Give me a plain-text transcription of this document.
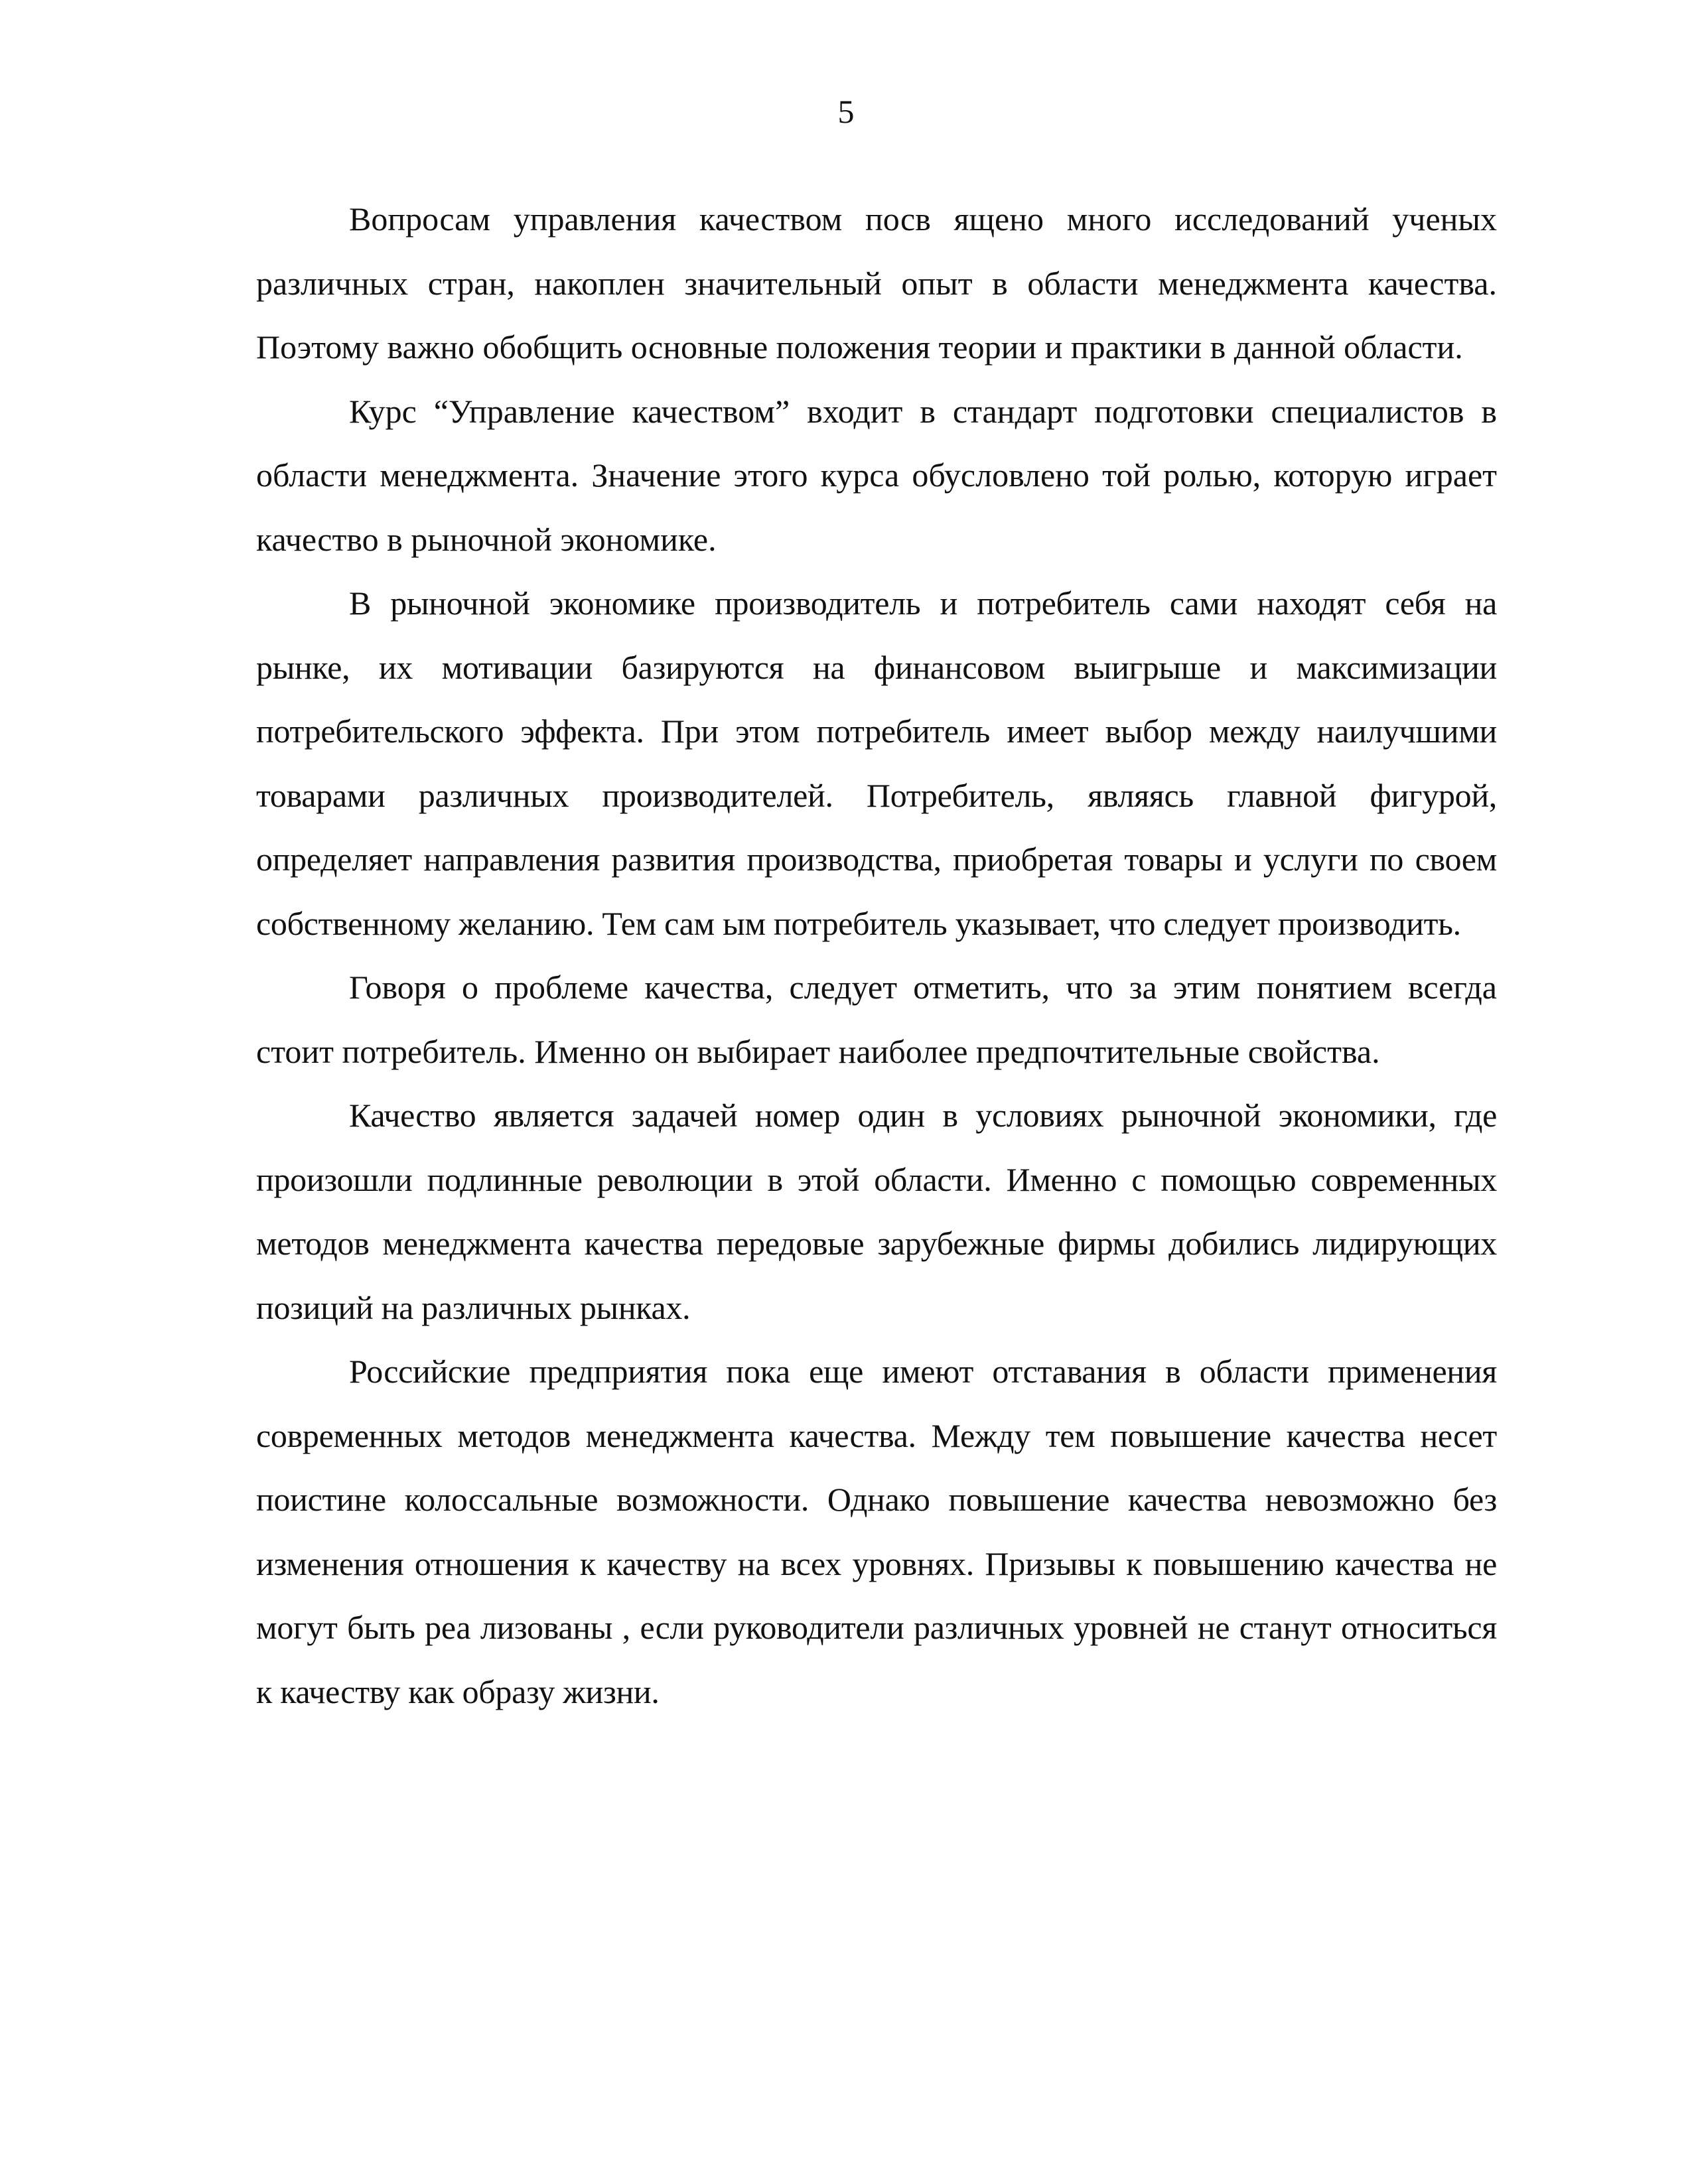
5

Вопросам управления качеством посв ящено много исследований ученых различных стран, накоплен значительный опыт в области менеджмента качества. Поэтому важно обобщить основные положения теории и практики в данной области.

Курс “Управление качеством” входит в стандарт подготовки специалистов в области менеджмента. Значение этого курса обусловлено той ролью, которую играет качество в рыночной экономике.

В рыночной экономике производитель и потребитель сами находят себя на рынке, их мотивации базируются на финансовом выигрыше и максимизации потребительского эффекта. При этом потребитель имеет выбор между наилучшими товарами различных производителей. Потребитель, являясь главной фигурой, определяет направления развития производства, приобретая товары и услуги по своем собственному желанию. Тем сам ым потребитель указывает, что следует производить.

Говоря о проблеме качества, следует отметить, что за этим понятием всегда стоит потребитель. Именно он выбирает наиболее предпочтительные свойства.

Качество является задачей номер один в условиях рыночной экономики, где произошли подлинные революции в этой области. Именно с помощью современных методов менеджмента качества передовые зарубежные фирмы добились лидирующих позиций на различных рынках.

Российские предприятия пока еще имеют отставания в области применения современных методов менеджмента качества. Между тем повышение качества несет поистине колоссальные возможности. Однако повышение качества невозможно без изменения отношения к качеству на всех уровнях. Призывы к повышению качества не могут быть реа лизованы , если руководители различных уровней не станут относиться к качеству как образу жизни.
